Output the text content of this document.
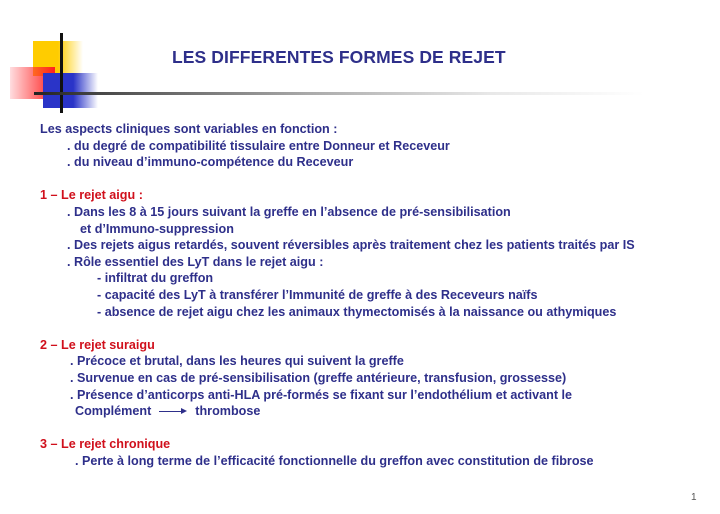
LES DIFFERENTES FORMES DE REJET
Les aspects cliniques sont variables en fonction :
. du degré de compatibilité tissulaire entre Donneur et Receveur
. du niveau d’immuno-compétence du Receveur
1 – Le rejet aigu :
. Dans les 8 à 15 jours suivant la greffe en l’absence de pré-sensibilisation
et d’Immuno-suppression
. Des rejets aigus retardés, souvent réversibles après traitement chez les patients traités par IS
. Rôle essentiel des LyT dans le rejet aigu :
- infiltrat du greffon
- capacité des LyT à transférer l’Immunité de greffe à des Receveurs naïfs
- absence de rejet aigu chez les animaux thymectomisés à la naissance ou athymiques
2 – Le rejet suraigu
. Précoce et brutal, dans les heures qui suivent la greffe
. Survenue en cas de pré-sensibilisation (greffe antérieure, transfusion, grossesse)
. Présence d’anticorps anti-HLA pré-formés se fixant sur l’endothélium et activant le
Complément	thrombose
3 – Le rejet chronique
. Perte à long terme de l’efficacité fonctionnelle du greffon avec constitution de fibrose
1
